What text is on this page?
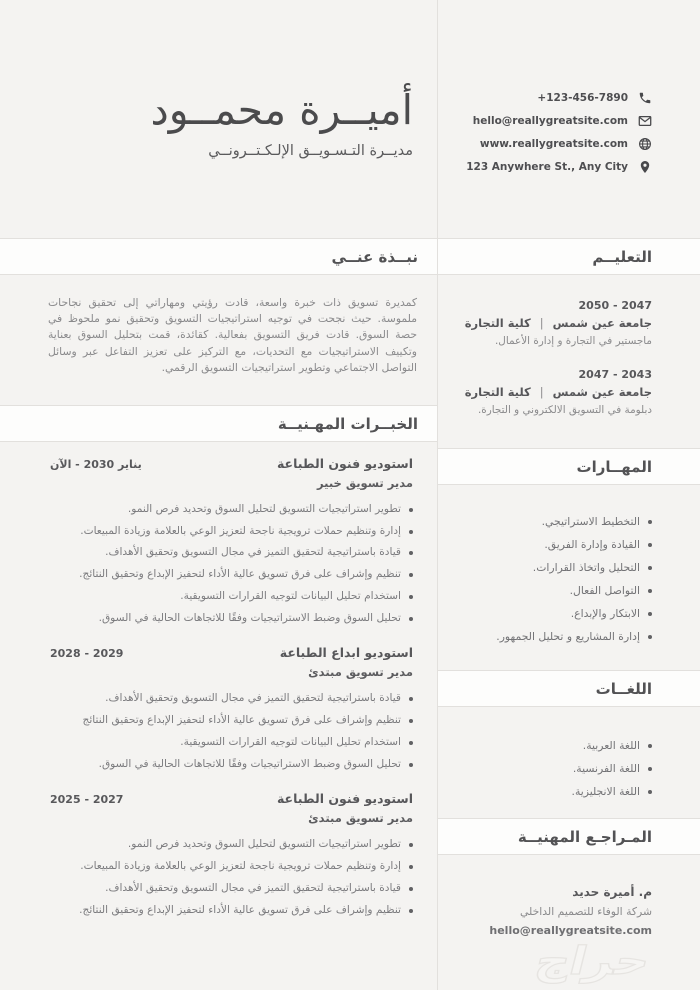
+123-456-7890
hello@reallygreatsite.com
www.reallygreatsite.com
123 Anywhere St., Any City
التعليــم
2050 - 2047
جامعة عين شمس|كلية التجارة
ماجستير في التجارة و إدارة الأعمال.
2047 - 2043
جامعة عين شمس|كلية التجارة
دبلومة في التسويق الالكتروني و التجارة.
المهــارات
التخطيط الاستراتيجي.
القيادة وإدارة الفريق.
التحليل واتخاذ القرارات.
التواصل الفعال.
الابتكار والإبداع.
إدارة المشاريع و تحليل الجمهور.
اللغــات
اللغة العربية.
اللغة الفرنسية.
اللغة الانجليزية.
المـراجـع المهنيــة
م. أميرة حديد
شركة الوفاء للتصميم الداخلي
hello@reallygreatsite.com
أميــرة محمــود
مديــرة التـسـويــق الإلـكـتــرونــي
نبــذة عنــي

كمديرة تسويق ذات خبرة واسعة، قادت رؤيتي ومهاراتي إلى تحقيق نجاحات ملموسة. حيث نجحت في توجيه استراتيجيات التسويق وتحقيق نمو ملحوظ في حصة السوق. قادت فريق التسويق بفعالية. كقائدة، قمت بتحليل السوق بعناية وتكييف الاستراتيجيات مع التحديات، مع التركيز على تعزيز التفاعل عبر وسائل التواصل الاجتماعي وتطوير استراتيجيات التسويق الرقمي.

الخبــرات المهـنيــة
استوديو فنون الطباعة
مدير تسويق خبير
يناير 2030 - الآن
تطوير استراتيجيات التسويق لتحليل السوق وتحديد فرص النمو.
إدارة وتنظيم حملات ترويجية ناجحة لتعزيز الوعي بالعلامة وزيادة المبيعات.
قيادة باستراتيجية لتحقيق التميز في مجال التسويق وتحقيق الأهداف.
تنظيم وإشراف على فرق تسويق عالية الأداء لتحفيز الإبداع وتحقيق النتائج.
استخدام تحليل البيانات لتوجيه القرارات التسويقية.
تحليل السوق وضبط الاستراتيجيات وفقًا للاتجاهات الحالية في السوق.
استوديو ابداع الطباعة
مدير تسويق مبتدئ
2028 - 2029
قيادة باستراتيجية لتحقيق التميز في مجال التسويق وتحقيق الأهداف.
تنظيم وإشراف على فرق تسويق عالية الأداء لتحفيز الإبداع وتحقيق النتائج
استخدام تحليل البيانات لتوجيه القرارات التسويقية.
تحليل السوق وضبط الاستراتيجيات وفقًا للاتجاهات الحالية في السوق.
استوديو فنون الطباعة
مدير تسويق مبتدئ
2025 - 2027
تطوير استراتيجيات التسويق لتحليل السوق وتحديد فرص النمو.
إدارة وتنظيم حملات ترويجية ناجحة لتعزيز الوعي بالعلامة وزيادة المبيعات.
قيادة باستراتيجية لتحقيق التميز في مجال التسويق وتحقيق الأهداف.
تنظيم وإشراف على فرق تسويق عالية الأداء لتحفيز الإبداع وتحقيق النتائج.
حراج
